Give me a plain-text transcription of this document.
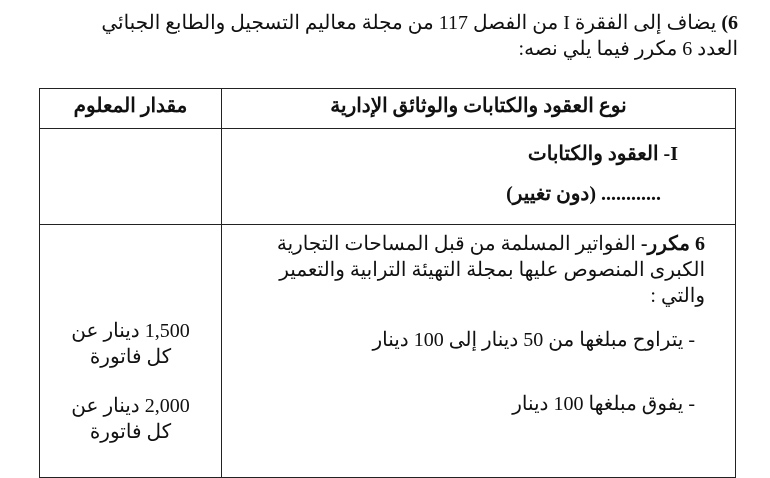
6) يضاف إلى الفقرة I من الفصل 117 من مجلة معاليم التسجيل والطابع الجبائي
العدد 6 مكرر فيما يلي نصه:
نوع العقود والكتابات والوثائق الإدارية
مقدار المعلوم
I- العقود والكتابات
............ (دون تغيير)
6 مكرر- الفواتير المسلمة من قبل المساحات التجارية
الكبرى المنصوص عليها بمجلة التهيئة الترابية والتعمير
والتي :
- يتراوح مبلغها من 50 دينار إلى 100 دينار
- يفوق مبلغها 100 دينار
1,500 دينار عن
كل فاتورة
2,000 دينار عن
كل فاتورة
